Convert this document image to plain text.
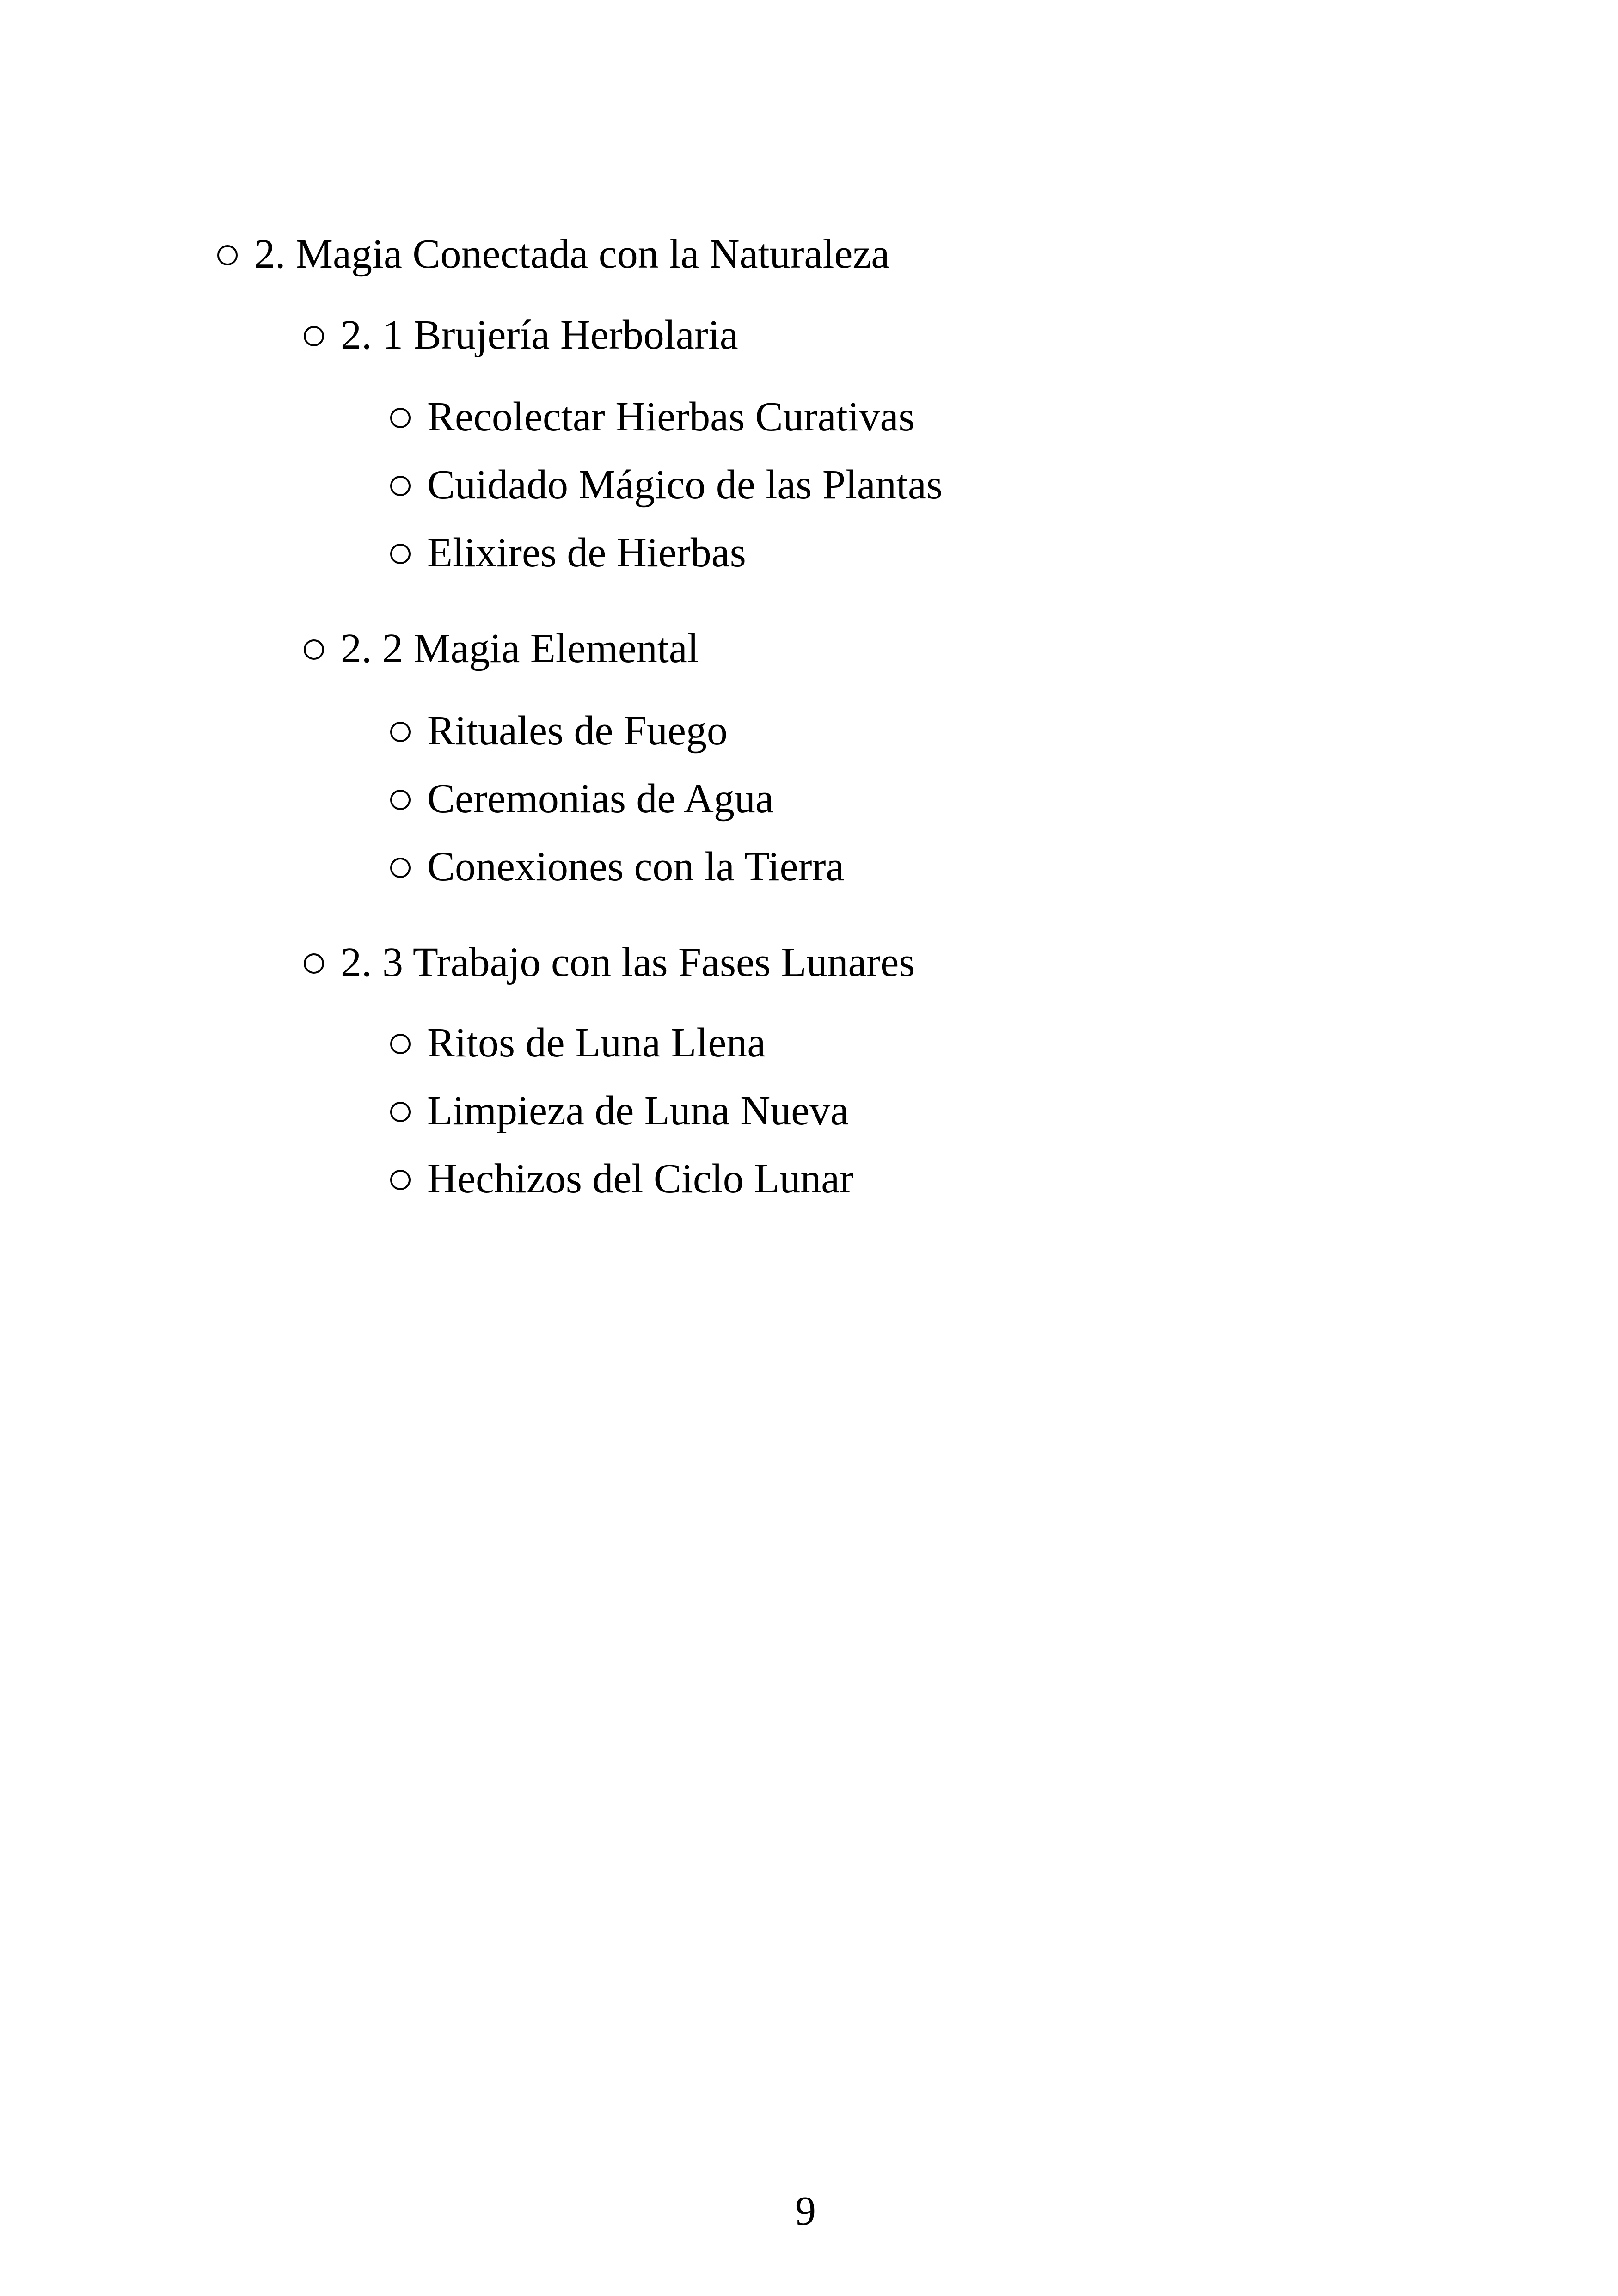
2. Magia Conectada con la Naturaleza
2. 1 Brujería Herbolaria
Recolectar Hierbas Curativas
Cuidado Mágico de las Plantas
Elixires de Hierbas
2. 2 Magia Elemental
Rituales de Fuego
Ceremonias de Agua
Conexiones con la Tierra
2. 3 Trabajo con las Fases Lunares
Ritos de Luna Llena
Limpieza de Luna Nueva
Hechizos del Ciclo Lunar
9
